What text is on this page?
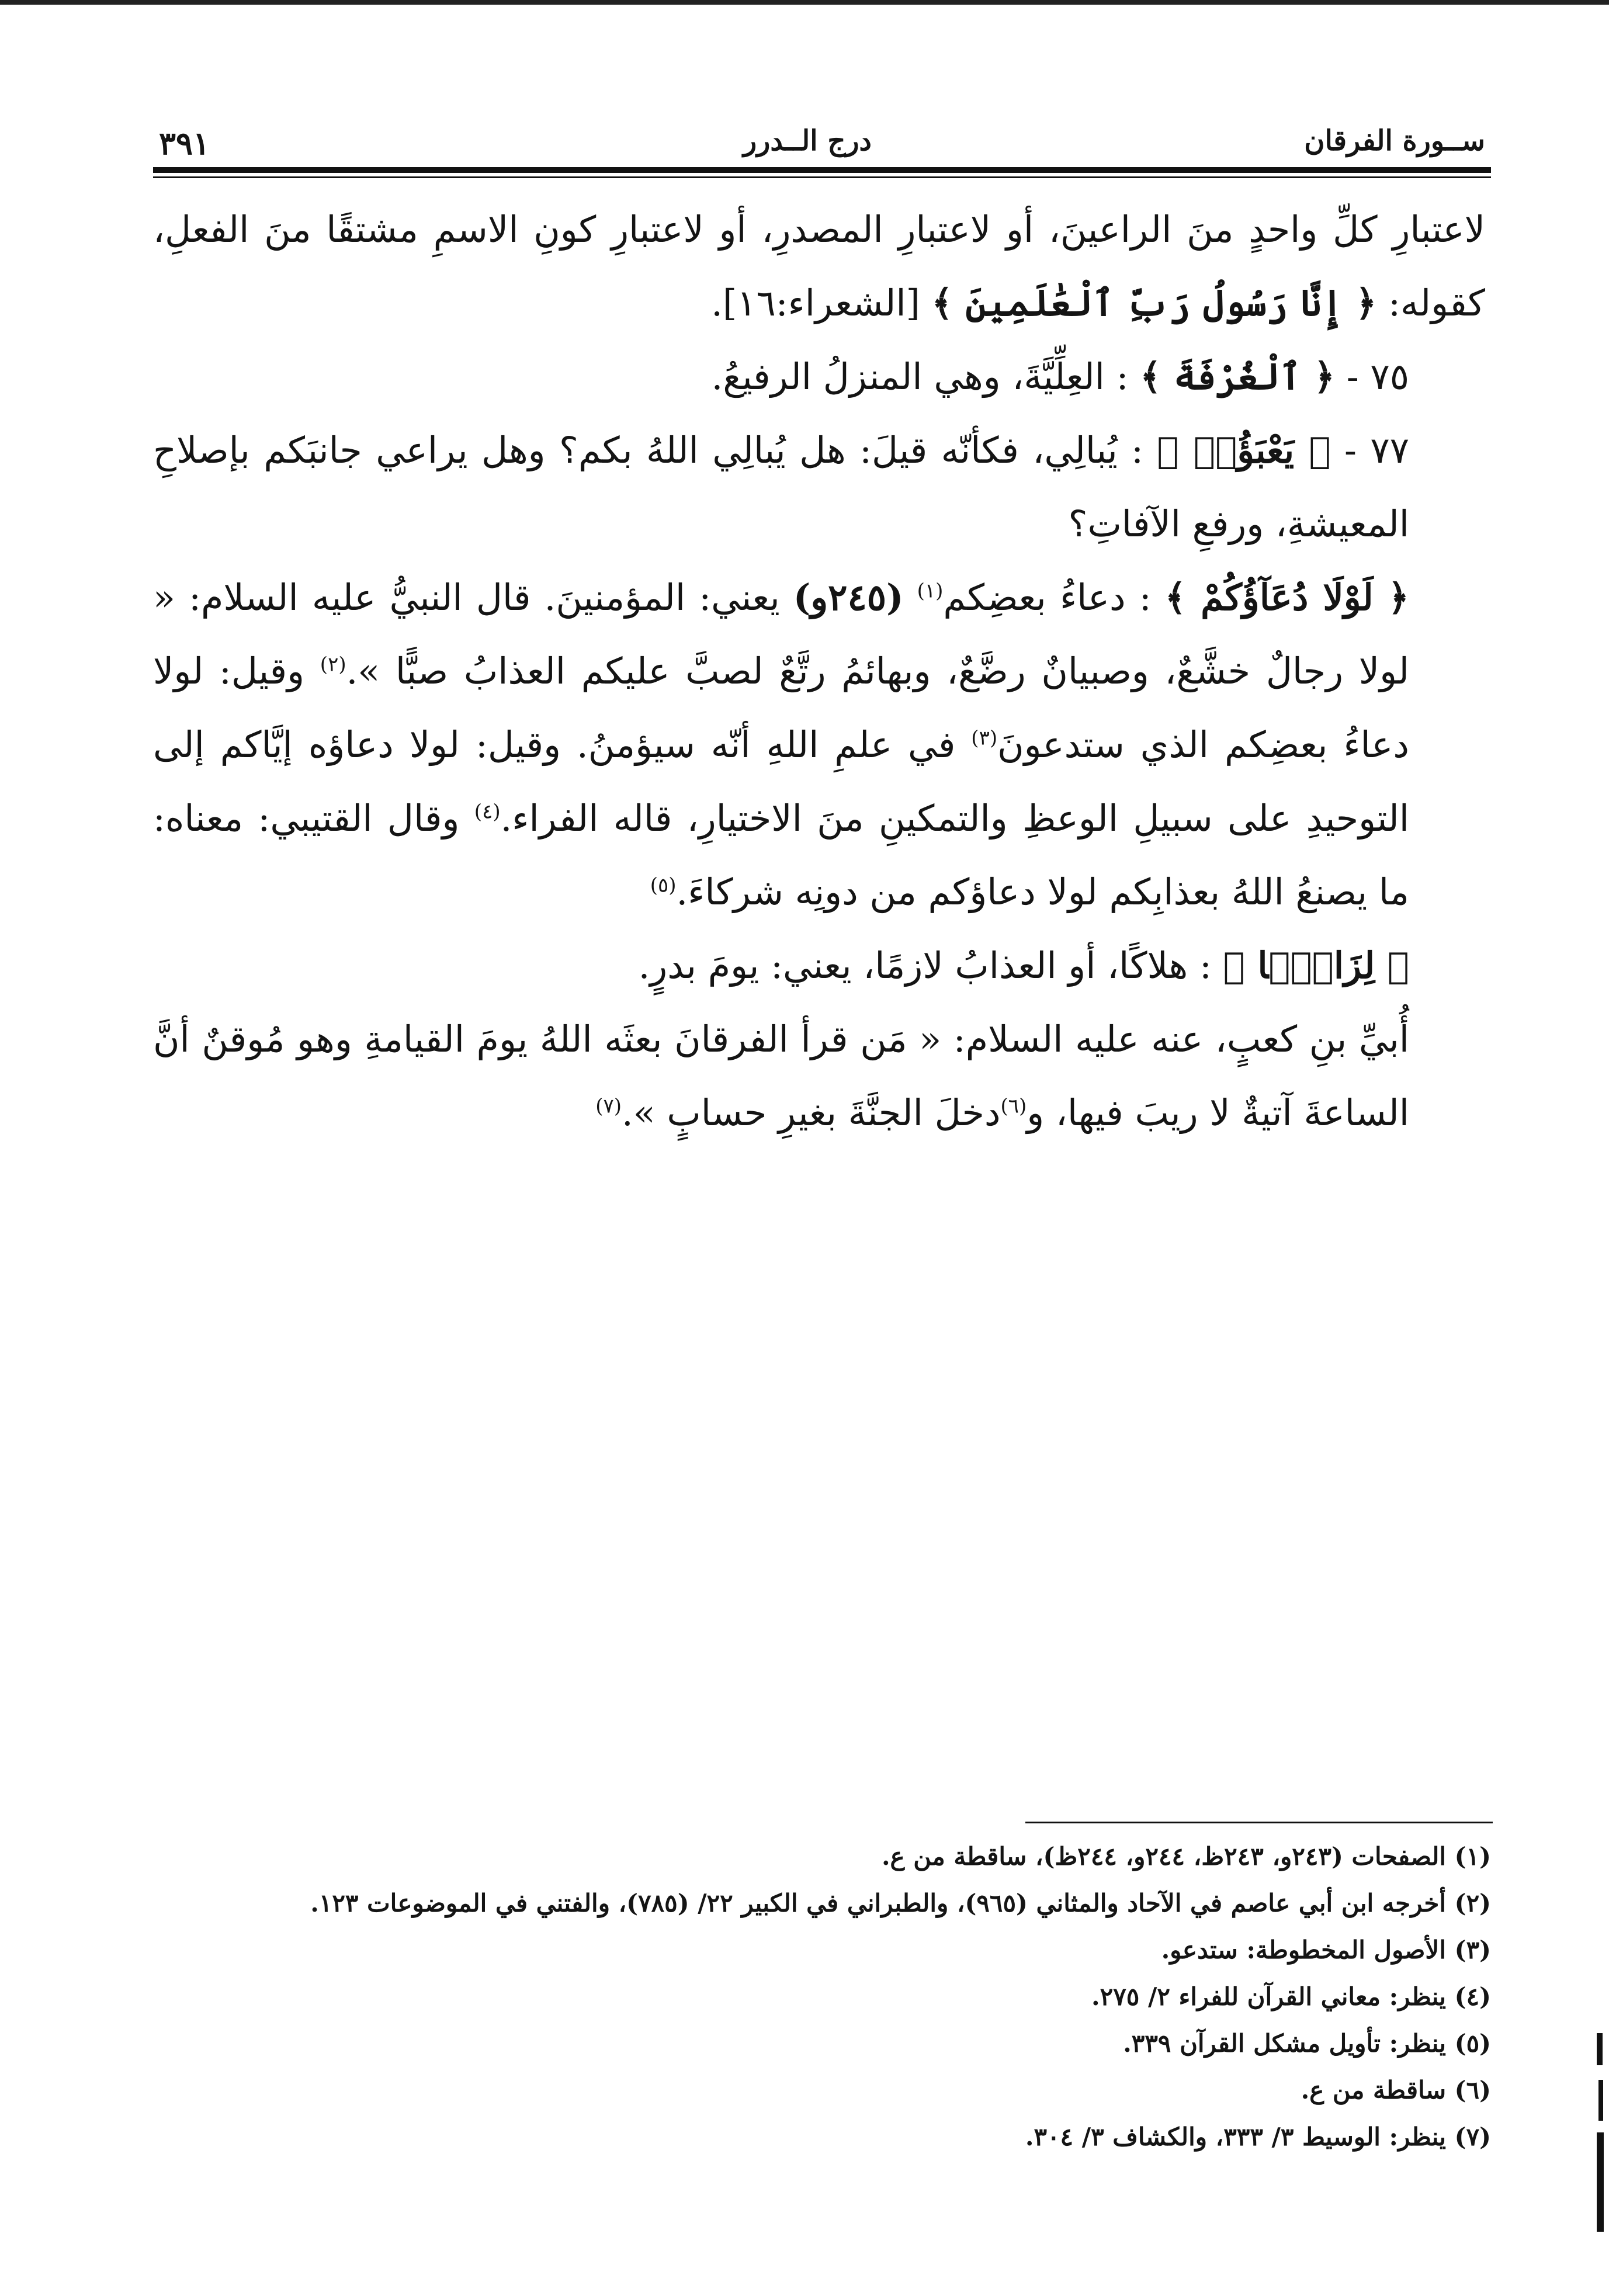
ســورة الفرقان
درج الــدرر
٣٩١

لاعتبارِ كلِّ واحدٍ منَ الراعينَ، أو لاعتبارِ المصدرِ، أو لاعتبارِ كونِ الاسمِ مشتقًا منَ الفعلِ، كقوله: ﴿ إِنَّا رَسُولُ رَبِّ ٱلْعَٰلَمِينَ ﴾ [الشعراء:١٦].

٧٥ - ﴿ ٱلْغُرْفَةَ ﴾ : العِلِّيَّةَ، وهي المنزلُ الرفيعُ.

٧٧ - ﴿ يَعْبَؤُا۟ ﴾ : يُبالِي، فكأنّه قيلَ: هل يُبالِي اللهُ بكم؟ وهل يراعي جانبَكم بإصلاحِ المعيشةِ، ورفعِ الآفاتِ؟

﴿ لَوْلَا دُعَآؤُكُمْ ﴾ : دعاءُ بعضِكم$^{(١)}$ (٢٤٥و) يعني: المؤمنينَ. قال النبيُّ عليه السلام: « لولا رجالٌ خشَّعٌ، وصبيانٌ رضَّعٌ، وبهائمُ رتَّعٌ لصبَّ عليكم العذابُ صبًّا ».$^{(٢)}$ وقيل: لولا دعاءُ بعضِكم الذي ستدعونَ$^{(٣)}$ في علمِ اللهِ أنّه سيؤمنُ. وقيل: لولا دعاؤه إيَّاكم إلى التوحيدِ على سبيلِ الوعظِ والتمكينِ منَ الاختيارِ، قاله الفراء.$^{(٤)}$ وقال القتيبي: معناه: ما يصنعُ اللهُ بعذابِكم لولا دعاؤكم من دونِه شركاءَ.$^{(٥)}$

﴿ لِزَامًۢا ﴾ : هلاكًا، أو العذابُ لازمًا، يعني: يومَ بدرٍ.

أُبيِّ بنِ كعبٍ، عنه عليه السلام: « مَن قرأ الفرقانَ بعثَه اللهُ يومَ القيامةِ وهو مُوقنٌ أنَّ الساعةَ آتيةٌ لا ريبَ فيها، و$^{(٦)}$دخلَ الجنَّةَ بغيرِ حسابٍ ».$^{(٧)}$

(١) الصفحات (٢٤٣و، ٢٤٣ظ، ٢٤٤و، ٢٤٤ظ)، ساقطة من ع.
(٢) أخرجه ابن أبي عاصم في الآحاد والمثاني (٩٦٥)، والطبراني في الكبير ٢٢/ (٧٨٥)، والفتني في الموضوعات ١٢٣.
(٣) الأصول المخطوطة: ستدعو.
(٤) ينظر: معاني القرآن للفراء ٢/ ٢٧٥.
(٥) ينظر: تأويل مشكل القرآن ٣٣٩.
(٦) ساقطة من ع.
(٧) ينظر: الوسيط ٣/ ٣٣٣، والكشاف ٣/ ٣٠٤.
